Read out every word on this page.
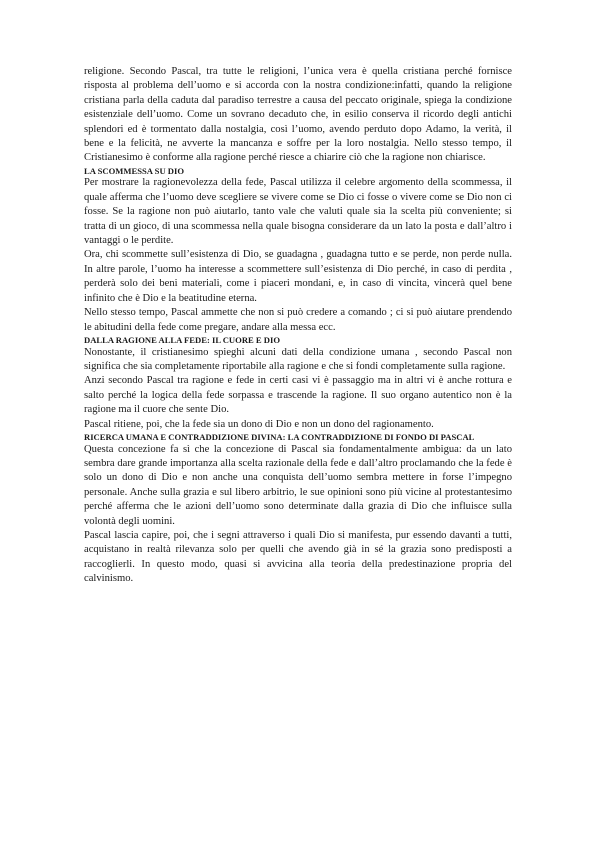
religione. Secondo Pascal, tra tutte le religioni, l’unica vera è quella cristiana perché fornisce risposta al problema dell’uomo e si accorda con la nostra condizione:infatti, quando la religione cristiana parla della caduta dal paradiso terrestre a causa del peccato originale, spiega la condizione esistenziale dell’uomo. Come un sovrano decaduto che, in esilio conserva il ricordo degli antichi splendori ed è tormentato dalla nostalgia, così l’uomo, avendo perduto dopo Adamo, la verità, il bene e la felicità, ne avverte la mancanza e soffre per la loro nostalgia. Nello stesso tempo, il Cristianesimo è conforme alla ragione perché riesce a chiarire ciò che la ragione non chiarisce.

LA SCOMMESSA SU DIO

Per mostrare la ragionevolezza della fede, Pascal utilizza il celebre argomento della scommessa, il quale afferma che l’uomo deve scegliere se vivere come se Dio ci fosse o vivere come se Dio non ci fosse. Se la ragione non può aiutarlo, tanto vale che valuti quale sia la scelta più conveniente; si tratta di un gioco, di una scommessa nella quale bisogna considerare da un lato la posta e dall’altro i vantaggi o le perdite.

Ora, chi scommette sull’esistenza di Dio, se guadagna , guadagna tutto e se perde, non perde nulla. In altre parole, l’uomo ha interesse a scommettere sull’esistenza di Dio perché, in caso di perdita , perderà solo dei beni materiali, come i piaceri mondani, e, in caso di vincita, vincerà quel bene infinito che è Dio e la beatitudine eterna.

Nello stesso tempo, Pascal ammette che non si può credere a comando ; ci si può aiutare prendendo le abitudini della fede come pregare, andare alla messa ecc.

DALLA RAGIONE ALLA FEDE: IL CUORE E DIO

Nonostante, il cristianesimo spieghi alcuni dati della condizione umana , secondo Pascal non significa che sia completamente riportabile alla ragione e che si fondi completamente sulla ragione.

Anzi secondo Pascal tra ragione e fede in certi casi vi è passaggio ma in altri vi è anche rottura e salto perché la logica della fede sorpassa e trascende la ragione. Il suo organo autentico non è la ragione ma il cuore che sente Dio.

Pascal ritiene, poi, che la fede sia un dono di Dio e non un dono del ragionamento.

RICERCA UMANA E CONTRADDIZIONE DIVINA: LA CONTRADDIZIONE DI FONDO DI PASCAL

Questa concezione fa sì che la concezione di Pascal sia fondamentalmente ambigua: da un lato sembra dare grande importanza alla scelta razionale della fede e dall’altro proclamando che la fede è solo un dono di Dio e non anche una conquista dell’uomo sembra mettere in forse l’impegno personale. Anche sulla grazia e sul libero arbitrio, le sue opinioni sono più vicine al protestantesimo perché afferma che le azioni dell’uomo sono determinate dalla grazia di Dio che influisce sulla volontà degli uomini.

Pascal lascia capire, poi, che i segni attraverso i quali Dio si manifesta, pur essendo davanti a tutti, acquistano in realtà rilevanza solo per quelli che avendo già in sé la grazia sono predisposti a raccoglierli. In questo modo, quasi si avvicina alla teoria della predestinazione propria del calvinismo.
